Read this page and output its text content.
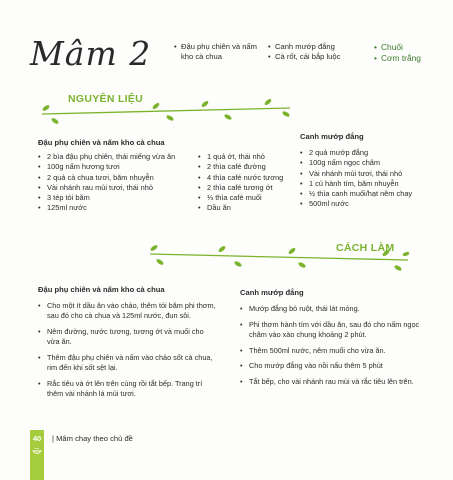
Mâm 2
•	Đậu phụ chiên và nấm kho cà chua
• Canh mướp đắng
• Cà rốt, cải bắp luộc
• Chuối
• Cơm trắng
NGUYÊN LIỆU
Đậu phụ chiên và nấm kho cà chua
• 2 bìa đậu phụ chiên, thái miếng vừa ăn
• 100g nấm hương tươi
• 2 quả cà chua tươi, băm nhuyễn
• Vài nhánh rau mùi tươi, thái nhỏ
• 3 tép tỏi băm
• 125ml nước
• 1 quả ớt, thái nhỏ
• 2 thìa café đường
• 4 thìa café nước tương
• 2 thìa café tương ớt
• ⅓ thìa café muối
• Dầu ăn
Canh mướp đắng
• 2 quả mướp đắng
• 100g nấm ngọc châm
• Vài nhánh mùi tươi, thái nhỏ
• 1 củ hành tím, băm nhuyễn
• ½ thìa canh muối/hạt nêm chay
• 500ml nước
CÁCH LÀM
Đậu phụ chiên và nấm kho cà chua
• Cho một ít dầu ăn vào chảo, thêm tỏi băm phi thơm, sau đó cho cà chua và 125ml nước, đun sôi.
• Nêm đường, nước tương, tương ớt và muối cho vừa ăn.
• Thêm đậu phụ chiên và nấm vào chảo sốt cà chua, rim đến khi sốt sệt lại.
• Rắc tiêu và ớt lên trên cùng rồi tắt bếp. Trang trí thêm vài nhánh lá mùi tươi.
Canh mướp đắng
• Mướp đắng bỏ ruột, thái lát mỏng.
• Phi thơm hành tím với dầu ăn, sau đó cho nấm ngọc châm vào xào chung khoảng 2 phút.
• Thêm 500ml nước, nêm muối cho vừa ăn.
• Cho mướp đắng vào nồi nấu thêm 5 phút
• Tắt bếp, cho vài nhánh rau mùi và rắc tiêu lên trên.
40	| Mâm chay theo chủ đề
